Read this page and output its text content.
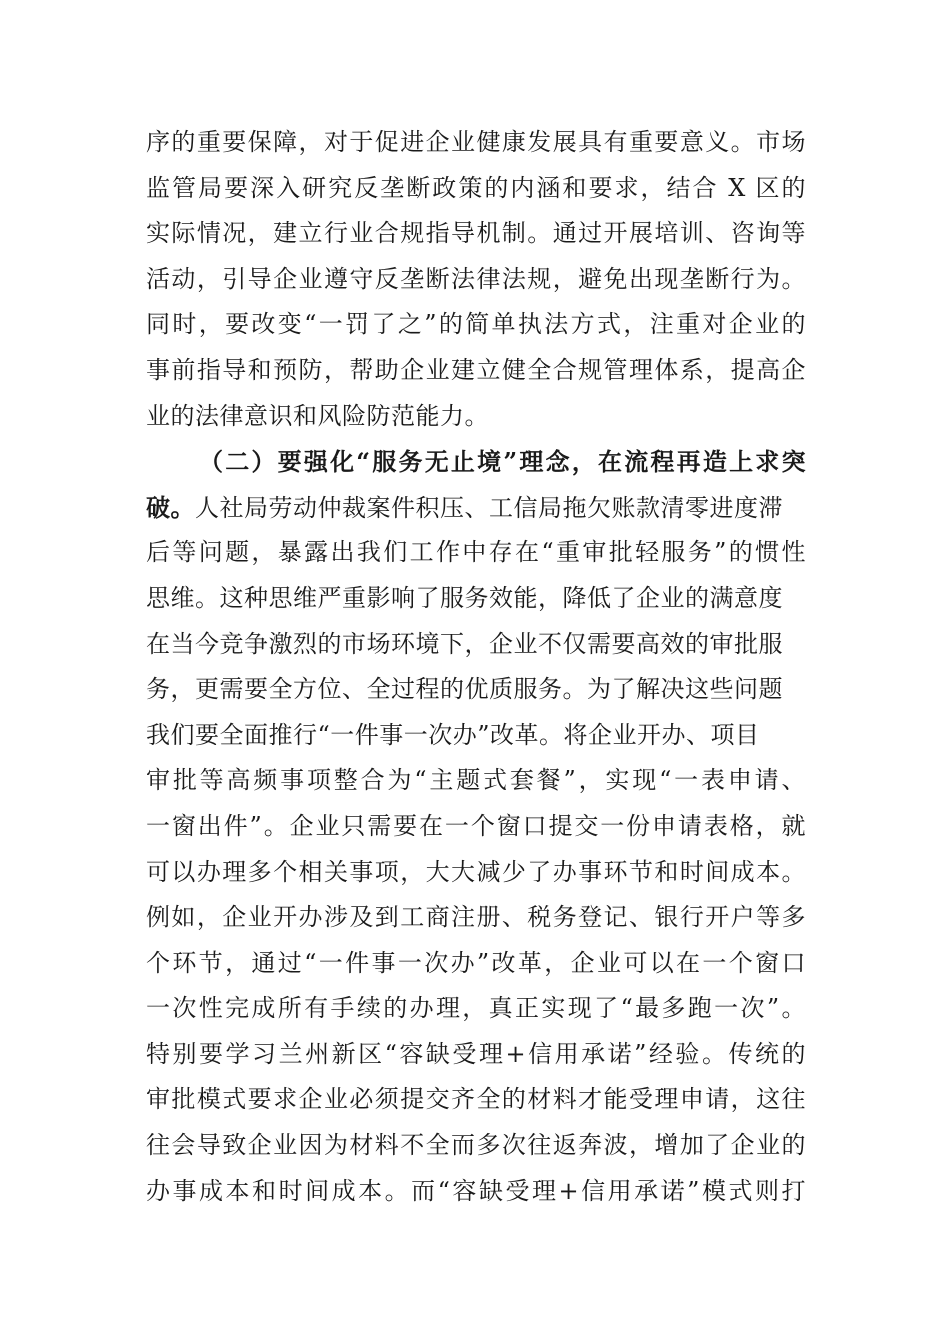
序的重要保障，对于促进企业健康发展具有重要意义。市场
监管局要深入研究反垄断政策的内涵和要求，结合 X 区的
实际情况，建立行业合规指导机制。通过开展培训、咨询等
活动，引导企业遵守反垄断法律法规，避免出现垄断行为。
同时，要改变“一罚了之”的简单执法方式，注重对企业的
事前指导和预防，帮助企业建立健全合规管理体系，提高企
业的法律意识和风险防范能力。
（二）要强化“服务无止境”理念，在流程再造上求突
破。人社局劳动仲裁案件积压、工信局拖欠账款清零进度滞
后等问题，暴露出我们工作中存在“重审批轻服务”的惯性
思维。这种思维严重影响了服务效能，降低了企业的满意度
在当今竞争激烈的市场环境下，企业不仅需要高效的审批服
务，更需要全方位、全过程的优质服务。为了解决这些问题
我们要全面推行“一件事一次办”改革。将企业开办、项目
审批等高频事项整合为“主题式套餐”，实现“一表申请、
一窗出件”。企业只需要在一个窗口提交一份申请表格，就
可以办理多个相关事项，大大减少了办事环节和时间成本。
例如，企业开办涉及到工商注册、税务登记、银行开户等多
个环节，通过“一件事一次办”改革，企业可以在一个窗口
一次性完成所有手续的办理，真正实现了“最多跑一次”。
特别要学习兰州新区“容缺受理+信用承诺”经验。传统的
审批模式要求企业必须提交齐全的材料才能受理申请，这往
往会导致企业因为材料不全而多次往返奔波，增加了企业的
办事成本和时间成本。而“容缺受理+信用承诺”模式则打
